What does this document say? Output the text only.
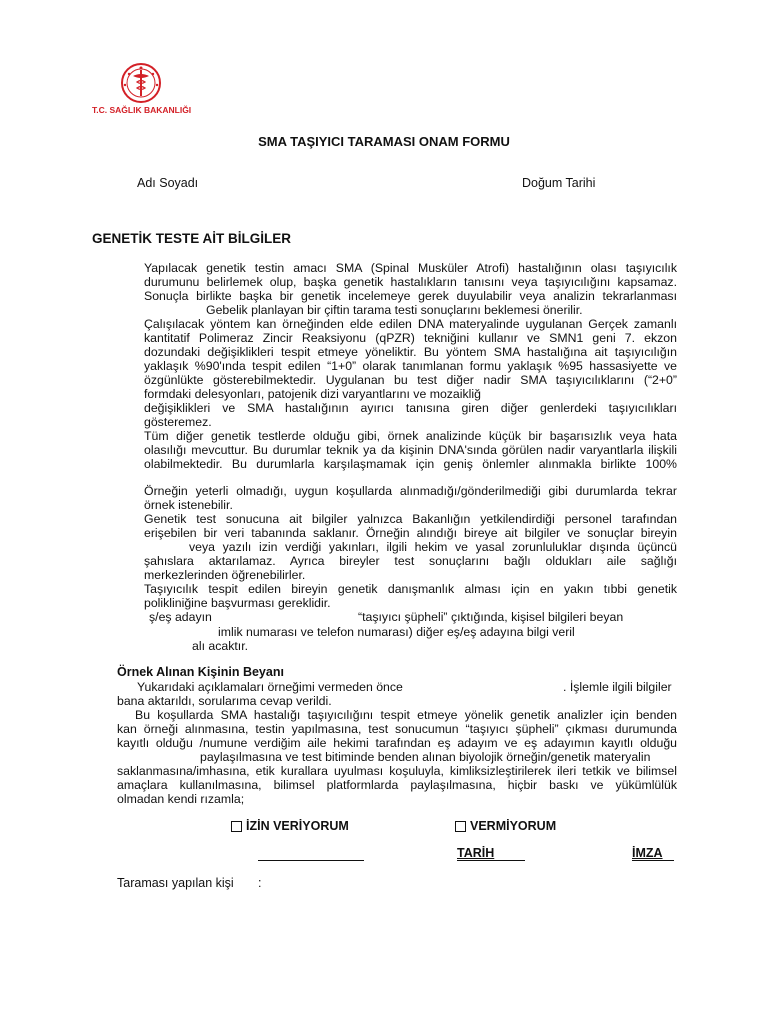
T.C. SAĞLIK BAKANLIĞI
SMA TAŞIYICI TARAMASI ONAM FORMU
Adı Soyadı	Doğum Tarihi
GENETİK TESTE AİT BİLGİLER
Yapılacak genetik testin amacı SMA (Spinal Musküler Atrofi) hastalığının olası taşıyıcılık
durumunu belirlemek olup, başka genetik hastalıkların tanısını veya taşıyıcılığını kapsamaz.
Sonuçla birlikte başka bir genetik incelemeye gerek duyulabilir veya analizin tekrarlanması
Gebelik planlayan bir çiftin tarama testi sonuçlarını beklemesi önerilir.
Çalışılacak yöntem kan örneğinden elde edilen DNA materyalinde uygulanan Gerçek zamanlı
kantitatif Polimeraz Zincir Reaksiyonu (qPZR) tekniğini kullanır ve SMN1 geni 7. ekzon
dozundaki değişiklikleri tespit etmeye yöneliktir. Bu yöntem SMA hastalığına ait taşıyıcılığın
yaklaşık %90'ında tespit edilen “1+0” olarak tanımlanan formu yaklaşık %95 hassasiyette ve
özgünlükte gösterebilmektedir. Uygulanan bu test diğer nadir SMA taşıyıcılıklarını (“2+0”
formdaki delesyonları, patojenik dizi varyantlarını ve mozaikliğ
değişiklikleri ve SMA hastalığının ayırıcı tanısına giren diğer genlerdeki taşıyıcılıkları
gösteremez.
Tüm diğer genetik testlerde olduğu gibi, örnek analizinde küçük bir başarısızlık veya hata
olasılığı mevcuttur. Bu durumlar teknik ya da kişinin DNA'sında görülen nadir varyantlarla ilişkili
olabilmektedir. Bu durumlarla karşılaşmamak için geniş önlemler alınmakla birlikte 100%
Örneğin yeterli olmadığı, uygun koşullarda alınmadığı/gönderilmediği gibi durumlarda tekrar
örnek istenebilir.
Genetik test sonucuna ait bilgiler yalnızca Bakanlığın yetkilendirdiği personel tarafından
erişebilen bir veri tabanında saklanır. Örneğin alındığı bireye ait bilgiler ve sonuçlar bireyin
veya yazılı izin verdiği yakınları, ilgili hekim ve yasal zorunluluklar dışında üçüncü
şahıslara aktarılamaz. Ayrıca bireyler test sonuçlarını bağlı oldukları aile sağlığı
merkezlerinden öğrenebilirler.
Taşıyıcılık tespit edilen bireyin genetik danışmanlık alması için en yakın tıbbi genetik
polikliniğine başvurması gereklidir.
ş/eş adayın	“taşıyıcı şüpheli” çıktığında, kişisel bilgileri beyan
imlik numarası ve telefon numarası) diğer eş/eş adayına bilgi veril
alı acaktır.
Örnek Alınan Kişinin Beyanı
Yukarıdaki açıklamaları örneğimi vermeden önce	. İşlemle ilgili bilgiler
bana aktarıldı, sorularıma cevap verildi.
Bu koşullarda SMA hastalığı taşıyıcılığını tespit etmeye yönelik genetik analizler için benden
kan örneği alınmasına, testin yapılmasına, test sonucumun “taşıyıcı şüpheli” çıkması durumunda
kayıtlı olduğu /numune verdiğim aile hekimi tarafından eş adayım ve eş adayımın kayıtlı olduğu
paylaşılmasına ve test bitiminde benden alınan biyolojik örneğin/genetik materyalin
saklanmasına/imhasına, etik kurallara uyulması koşuluyla, kimliksizleştirilerek ileri tetkik ve bilimsel
amaçlara kullanılmasına, bilimsel platformlarda paylaşılmasına, hiçbir baskı ve yükümlülük
olmadan kendi rızamla;
İZİN VERİYORUM	VERMİYORUM
TARİH	İMZA
Taraması yapılan kişi :
